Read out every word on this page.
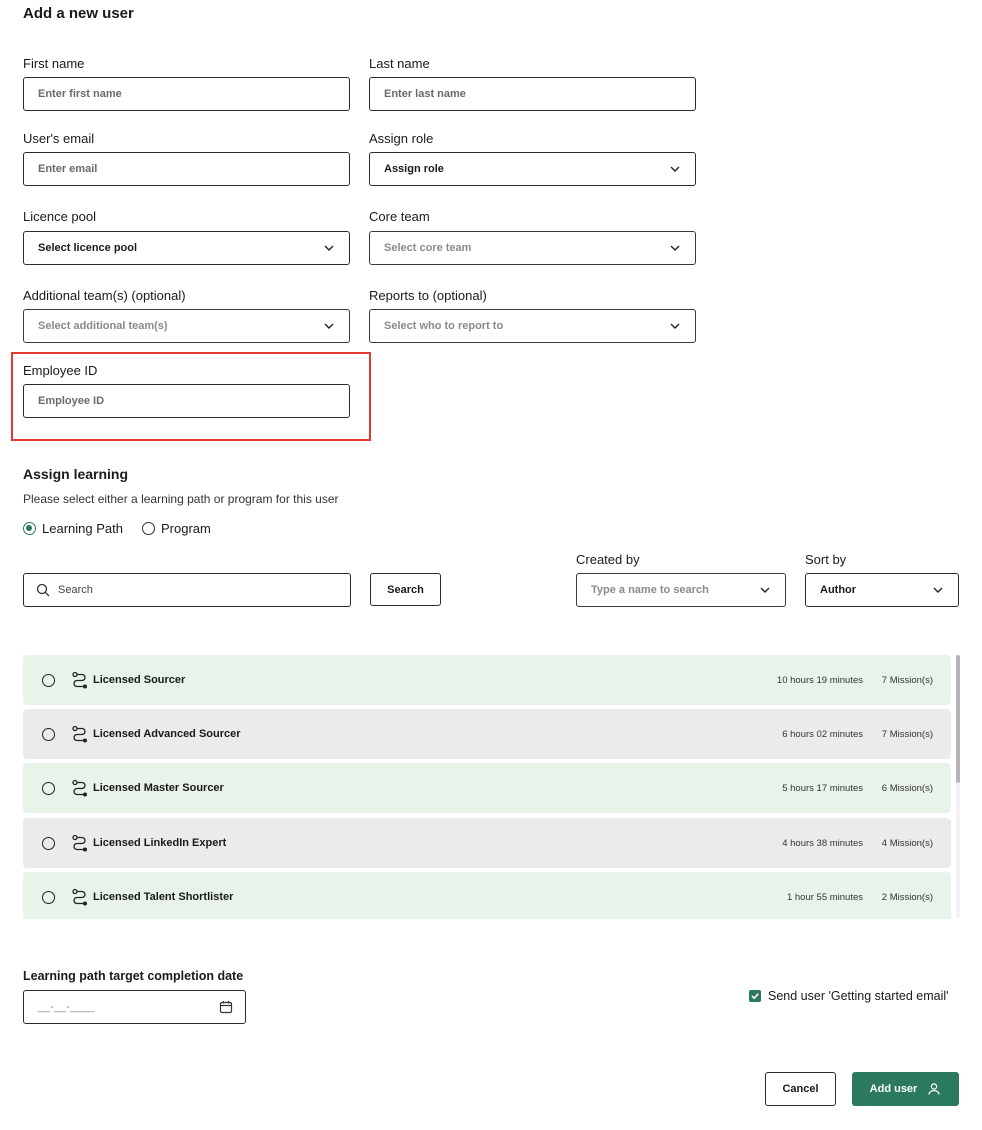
Add a new user
First name
Enter first name
Last name
Enter last name
User's email
Enter email
Assign role
Assign role
Licence pool
Select licence pool
Core team
Select core team
Additional team(s) (optional)
Select additional team(s)
Reports to (optional)
Select who to report to
Employee ID
Employee ID
Assign learning
Please select either a learning path or program for this user
Learning Path	Program
Search	Search
Created by
Type a name to search
Sort by
Author
Licensed Sourcer	10 hours 19 minutes 7 Mission(s)
Licensed Advanced Sourcer	6 hours 02 minutes 7 Mission(s)
Licensed Master Sourcer	5 hours 17 minutes 6 Mission(s)
Licensed LinkedIn Expert	4 hours 38 minutes 4 Mission(s)
Licensed Talent Shortlister	1 hour 55 minutes 2 Mission(s)
Learning path target completion date
__-__-____
Send user 'Getting started email'
Cancel	Add user
